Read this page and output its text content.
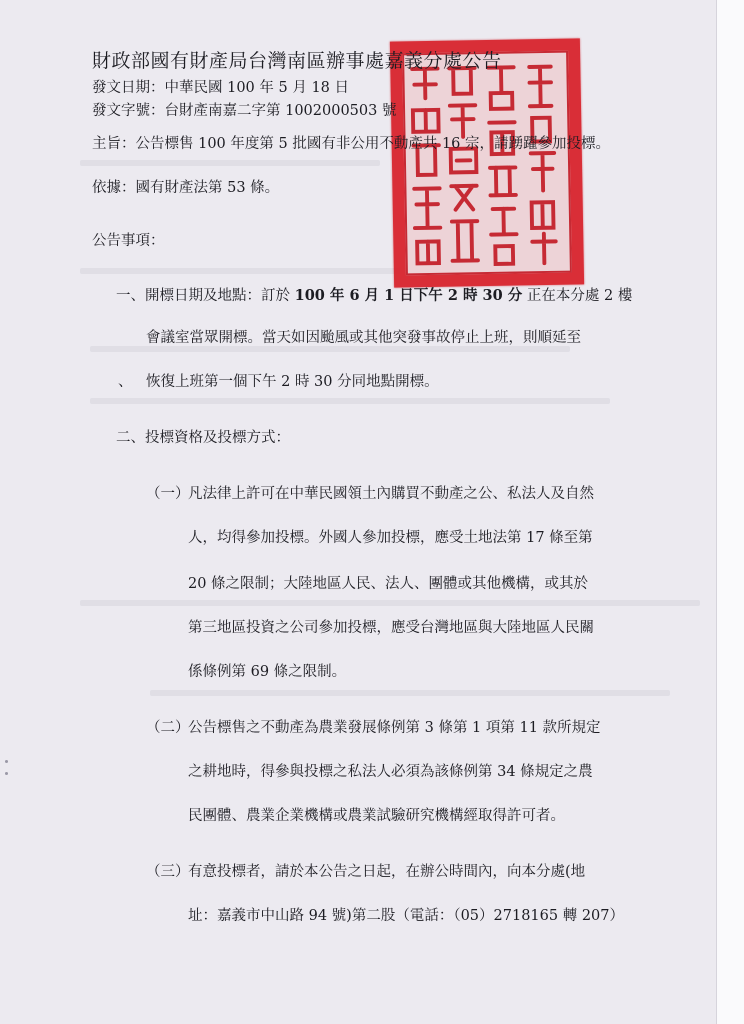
財政部國有財產局台灣南區辦事處嘉義分處公告
發文日期：中華民國 100 年 5 月 18 日
發文字號：台財產南嘉二字第 1002000503 號
主旨：公告標售 100 年度第 5 批國有非公用不動產共 16 宗，請踴躍參加投標。
依據：國有財產法第 53 條。
公告事項：
一、開標日期及地點：訂於 100 年 6 月 1 日下午 2 時 30 分 正在本分處 2 樓
會議室當眾開標。當天如因颱風或其他突發事故停止上班，則順延至
、 恢復上班第一個下午 2 時 30 分同地點開標。
二、投標資格及投標方式：
（一）
凡法律上許可在中華民國領土內購買不動產之公、私法人及自然
人，均得參加投標。外國人參加投標，應受土地法第 17 條至第
20 條之限制；大陸地區人民、法人、團體或其他機構，或其於
第三地區投資之公司參加投標，應受台灣地區與大陸地區人民關
係條例第 69 條之限制。
（二）
公告標售之不動產為農業發展條例第 3 條第 1 項第 11 款所規定
之耕地時，得參與投標之私法人必須為該條例第 34 條規定之農
民團體、農業企業機構或農業試驗研究機構經取得許可者。
（三）
有意投標者，請於本公告之日起，在辦公時間內，向本分處(地
址：嘉義市中山路 94 號)第二股（電話：（05）2718165 轉 207）
